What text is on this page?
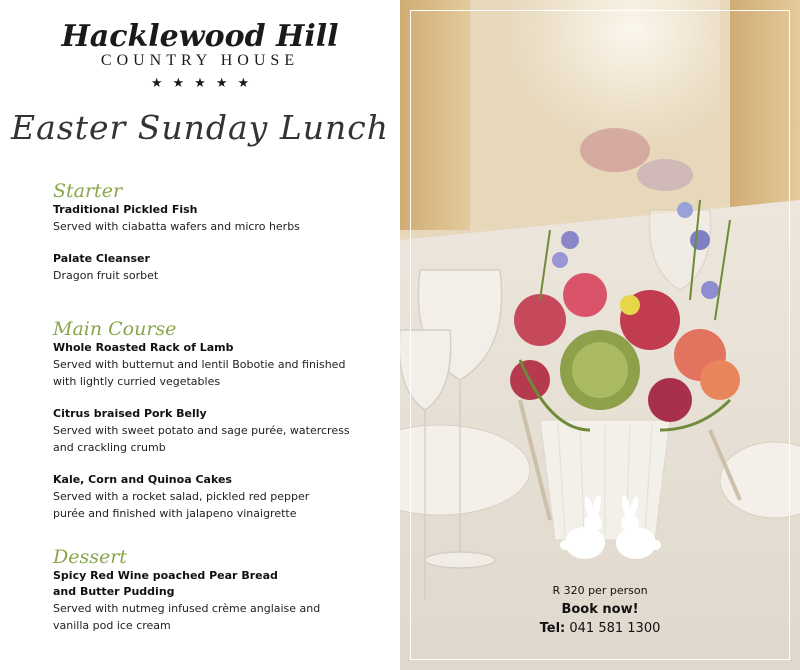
Hacklewood Hill
COUNTRY HOUSE
★★★★★
Easter Sunday Lunch
Starter
Traditional Pickled Fish
Served with ciabatta wafers and micro herbs
Palate Cleanser
Dragon fruit sorbet
Main Course
Whole Roasted Rack of Lamb
Served with butternut and lentil Bobotie and finished with lightly curried vegetables
Citrus braised Pork Belly
Served with sweet potato and sage purée, watercress and crackling crumb
Kale, Corn and Quinoa Cakes
Served with a rocket salad, pickled red pepper purée and finished with jalapeno vinaigrette
Dessert
Spicy Red Wine poached Pear Bread and Butter Pudding
Served with nutmeg infused crème anglaise and vanilla pod ice cream
R 320 per person
Book now!
Tel: 041 581 1300
